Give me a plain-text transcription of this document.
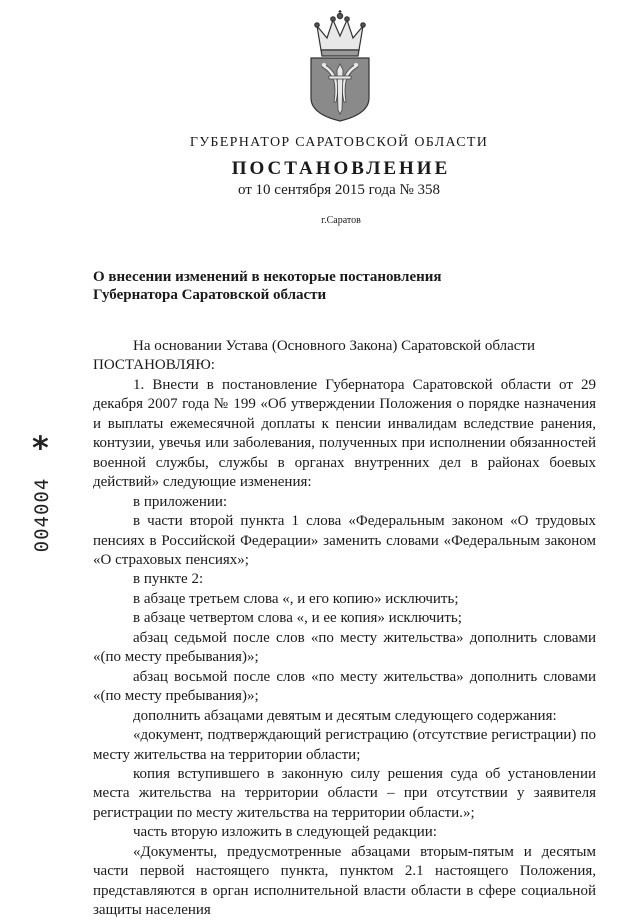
*
004004
ГУБЕРНАТОР САРАТОВСКОЙ ОБЛАСТИ
ПОСТАНОВЛЕНИЕ
от 10 сентября 2015 года № 358
г.Саратов
О внесении изменений в некоторые постановления
Губернатора Саратовской области

На основании Устава (Основного Закона) Саратовской области

ПОСТАНОВЛЯЮ:

1. Внести в постановление Губернатора Саратовской области от 29 декабря 2007 года № 199 «Об утверждении Положения о порядке назначения и выплаты ежемесячной доплаты к пенсии инвалидам вследствие ранения, контузии, увечья или заболевания, полученных при исполнении обязанностей военной службы, службы в органах внутренних дел в районах боевых действий» следующие изменения:

в приложении:

в части второй пункта 1 слова «Федеральным законом «О трудовых пенсиях в Российской Федерации» заменить словами «Федеральным законом «О страховых пенсиях»;

в пункте 2:

в абзаце третьем слова «, и его копию» исключить;

в абзаце четвертом слова «, и ее копия» исключить;

абзац седьмой после слов «по месту жительства» дополнить словами «(по месту пребывания)»;

абзац восьмой после слов «по месту жительства» дополнить словами «(по месту пребывания)»;

дополнить абзацами девятым и десятым следующего содержания:

«документ, подтверждающий регистрацию (отсутствие регистрации) по месту жительства на территории области;

копия вступившего в законную силу решения суда об установлении места жительства на территории области – при отсутствии у заявителя регистрации по месту жительства на территории области.»;

часть вторую изложить в следующей редакции:

«Документы, предусмотренные абзацами вторым-пятым и десятым части первой настоящего пункта, пунктом 2.1 настоящего Положения, представляются в орган исполнительной власти области в сфере социальной защиты населения
